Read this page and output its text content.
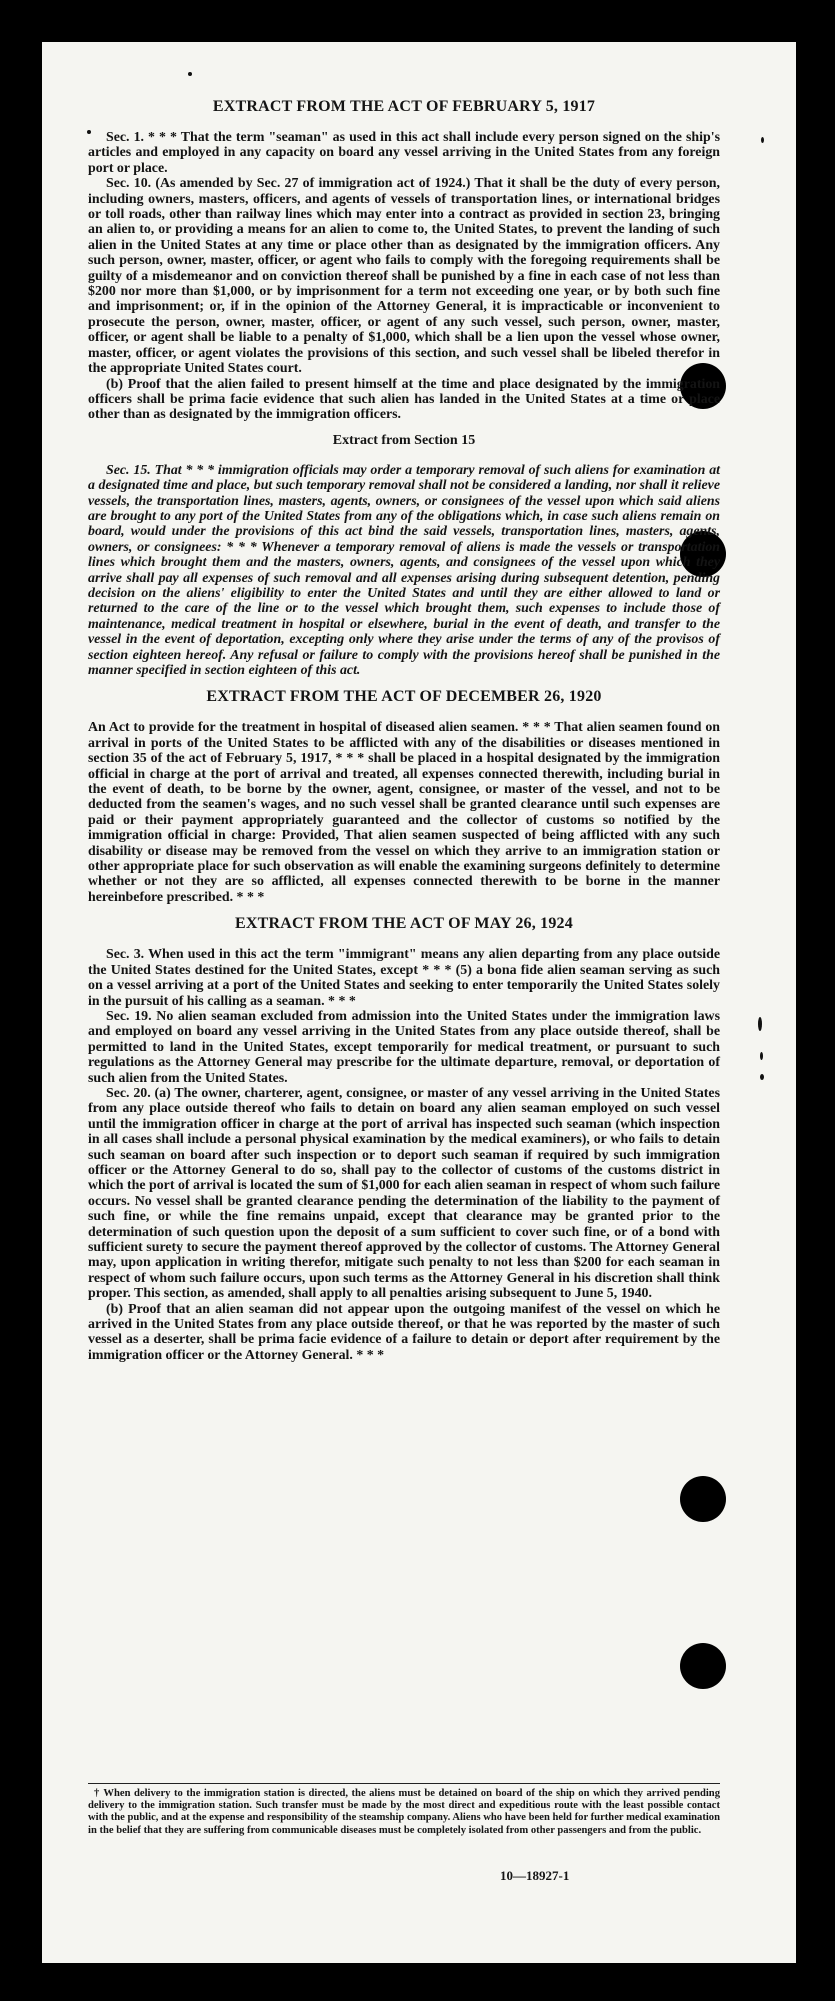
EXTRACT FROM THE ACT OF FEBRUARY 5, 1917

Sec. 1. * * * That the term "seaman" as used in this act shall include every person signed on the ship's articles and employed in any capacity on board any vessel arriving in the United States from any foreign port or place.

Sec. 10. (As amended by Sec. 27 of immigration act of 1924.) That it shall be the duty of every person, including owners, masters, officers, and agents of vessels of transportation lines, or international bridges or toll roads, other than railway lines which may enter into a contract as provided in section 23, bringing an alien to, or providing a means for an alien to come to, the United States, to prevent the landing of such alien in the United States at any time or place other than as designated by the immigration officers. Any such person, owner, master, officer, or agent who fails to comply with the foregoing requirements shall be guilty of a misdemeanor and on conviction thereof shall be punished by a fine in each case of not less than $200 nor more than $1,000, or by imprisonment for a term not exceeding one year, or by both such fine and imprisonment; or, if in the opinion of the Attorney General, it is impracticable or inconvenient to prosecute the person, owner, master, officer, or agent of any such vessel, such person, owner, master, officer, or agent shall be liable to a penalty of $1,000, which shall be a lien upon the vessel whose owner, master, officer, or agent violates the provisions of this section, and such vessel shall be libeled therefor in the appropriate United States court.

(b) Proof that the alien failed to present himself at the time and place designated by the immigration officers shall be prima facie evidence that such alien has landed in the United States at a time or place other than as designated by the immigration officers.

Extract from Section 15

Sec. 15. That * * * immigration officials may order a temporary removal of such aliens for examination at a designated time and place, but such temporary removal shall not be considered a landing, nor shall it relieve vessels, the transportation lines, masters, agents, owners, or consignees of the vessel upon which said aliens are brought to any port of the United States from any of the obligations which, in case such aliens remain on board, would under the provisions of this act bind the said vessels, transportation lines, masters, agents, owners, or consignees: * * * Whenever a temporary removal of aliens is made the vessels or transportation lines which brought them and the masters, owners, agents, and consignees of the vessel upon which they arrive shall pay all expenses of such removal and all expenses arising during subsequent detention, pending decision on the aliens' eligibility to enter the United States and until they are either allowed to land or returned to the care of the line or to the vessel which brought them, such expenses to include those of maintenance, medical treatment in hospital or elsewhere, burial in the event of death, and transfer to the vessel in the event of deportation, excepting only where they arise under the terms of any of the provisos of section eighteen hereof. Any refusal or failure to comply with the provisions hereof shall be punished in the manner specified in section eighteen of this act.

EXTRACT FROM THE ACT OF DECEMBER 26, 1920

An Act to provide for the treatment in hospital of diseased alien seamen. * * * That alien seamen found on arrival in ports of the United States to be afflicted with any of the disabilities or diseases mentioned in section 35 of the act of February 5, 1917, * * * shall be placed in a hospital designated by the immigration official in charge at the port of arrival and treated, all expenses connected therewith, including burial in the event of death, to be borne by the owner, agent, consignee, or master of the vessel, and not to be deducted from the seamen's wages, and no such vessel shall be granted clearance until such expenses are paid or their payment appropriately guaranteed and the collector of customs so notified by the immigration official in charge: Provided, That alien seamen suspected of being afflicted with any such disability or disease may be removed from the vessel on which they arrive to an immigration station or other appropriate place for such observation as will enable the examining surgeons definitely to determine whether or not they are so afflicted, all expenses connected therewith to be borne in the manner hereinbefore prescribed. * * *

EXTRACT FROM THE ACT OF MAY 26, 1924

Sec. 3. When used in this act the term "immigrant" means any alien departing from any place outside the United States destined for the United States, except * * * (5) a bona fide alien seaman serving as such on a vessel arriving at a port of the United States and seeking to enter temporarily the United States solely in the pursuit of his calling as a seaman. * * *

Sec. 19. No alien seaman excluded from admission into the United States under the immigration laws and employed on board any vessel arriving in the United States from any place outside thereof, shall be permitted to land in the United States, except temporarily for medical treatment, or pursuant to such regulations as the Attorney General may prescribe for the ultimate departure, removal, or deportation of such alien from the United States.

Sec. 20. (a) The owner, charterer, agent, consignee, or master of any vessel arriving in the United States from any place outside thereof who fails to detain on board any alien seaman employed on such vessel until the immigration officer in charge at the port of arrival has inspected such seaman (which inspection in all cases shall include a personal physical examination by the medical examiners), or who fails to detain such seaman on board after such inspection or to deport such seaman if required by such immigration officer or the Attorney General to do so, shall pay to the collector of customs of the customs district in which the port of arrival is located the sum of $1,000 for each alien seaman in respect of whom such failure occurs. No vessel shall be granted clearance pending the determination of the liability to the payment of such fine, or while the fine remains unpaid, except that clearance may be granted prior to the determination of such question upon the deposit of a sum sufficient to cover such fine, or of a bond with sufficient surety to secure the payment thereof approved by the collector of customs. The Attorney General may, upon application in writing therefor, mitigate such penalty to not less than $200 for each seaman in respect of whom such failure occurs, upon such terms as the Attorney General in his discretion shall think proper. This section, as amended, shall apply to all penalties arising subsequent to June 5, 1940.

(b) Proof that an alien seaman did not appear upon the outgoing manifest of the vessel on which he arrived in the United States from any place outside thereof, or that he was reported by the master of such vessel as a deserter, shall be prima facie evidence of a failure to detain or deport after requirement by the immigration officer or the Attorney General. * * *

† When delivery to the immigration station is directed, the aliens must be detained on board of the ship on which they arrived pending delivery to the immigration station. Such transfer must be made by the most direct and expeditious route with the least possible contact with the public, and at the expense and responsibility of the steamship company. Aliens who have been held for further medical examination in the belief that they are suffering from communicable diseases must be completely isolated from other passengers and from the public.

10—18927-1
